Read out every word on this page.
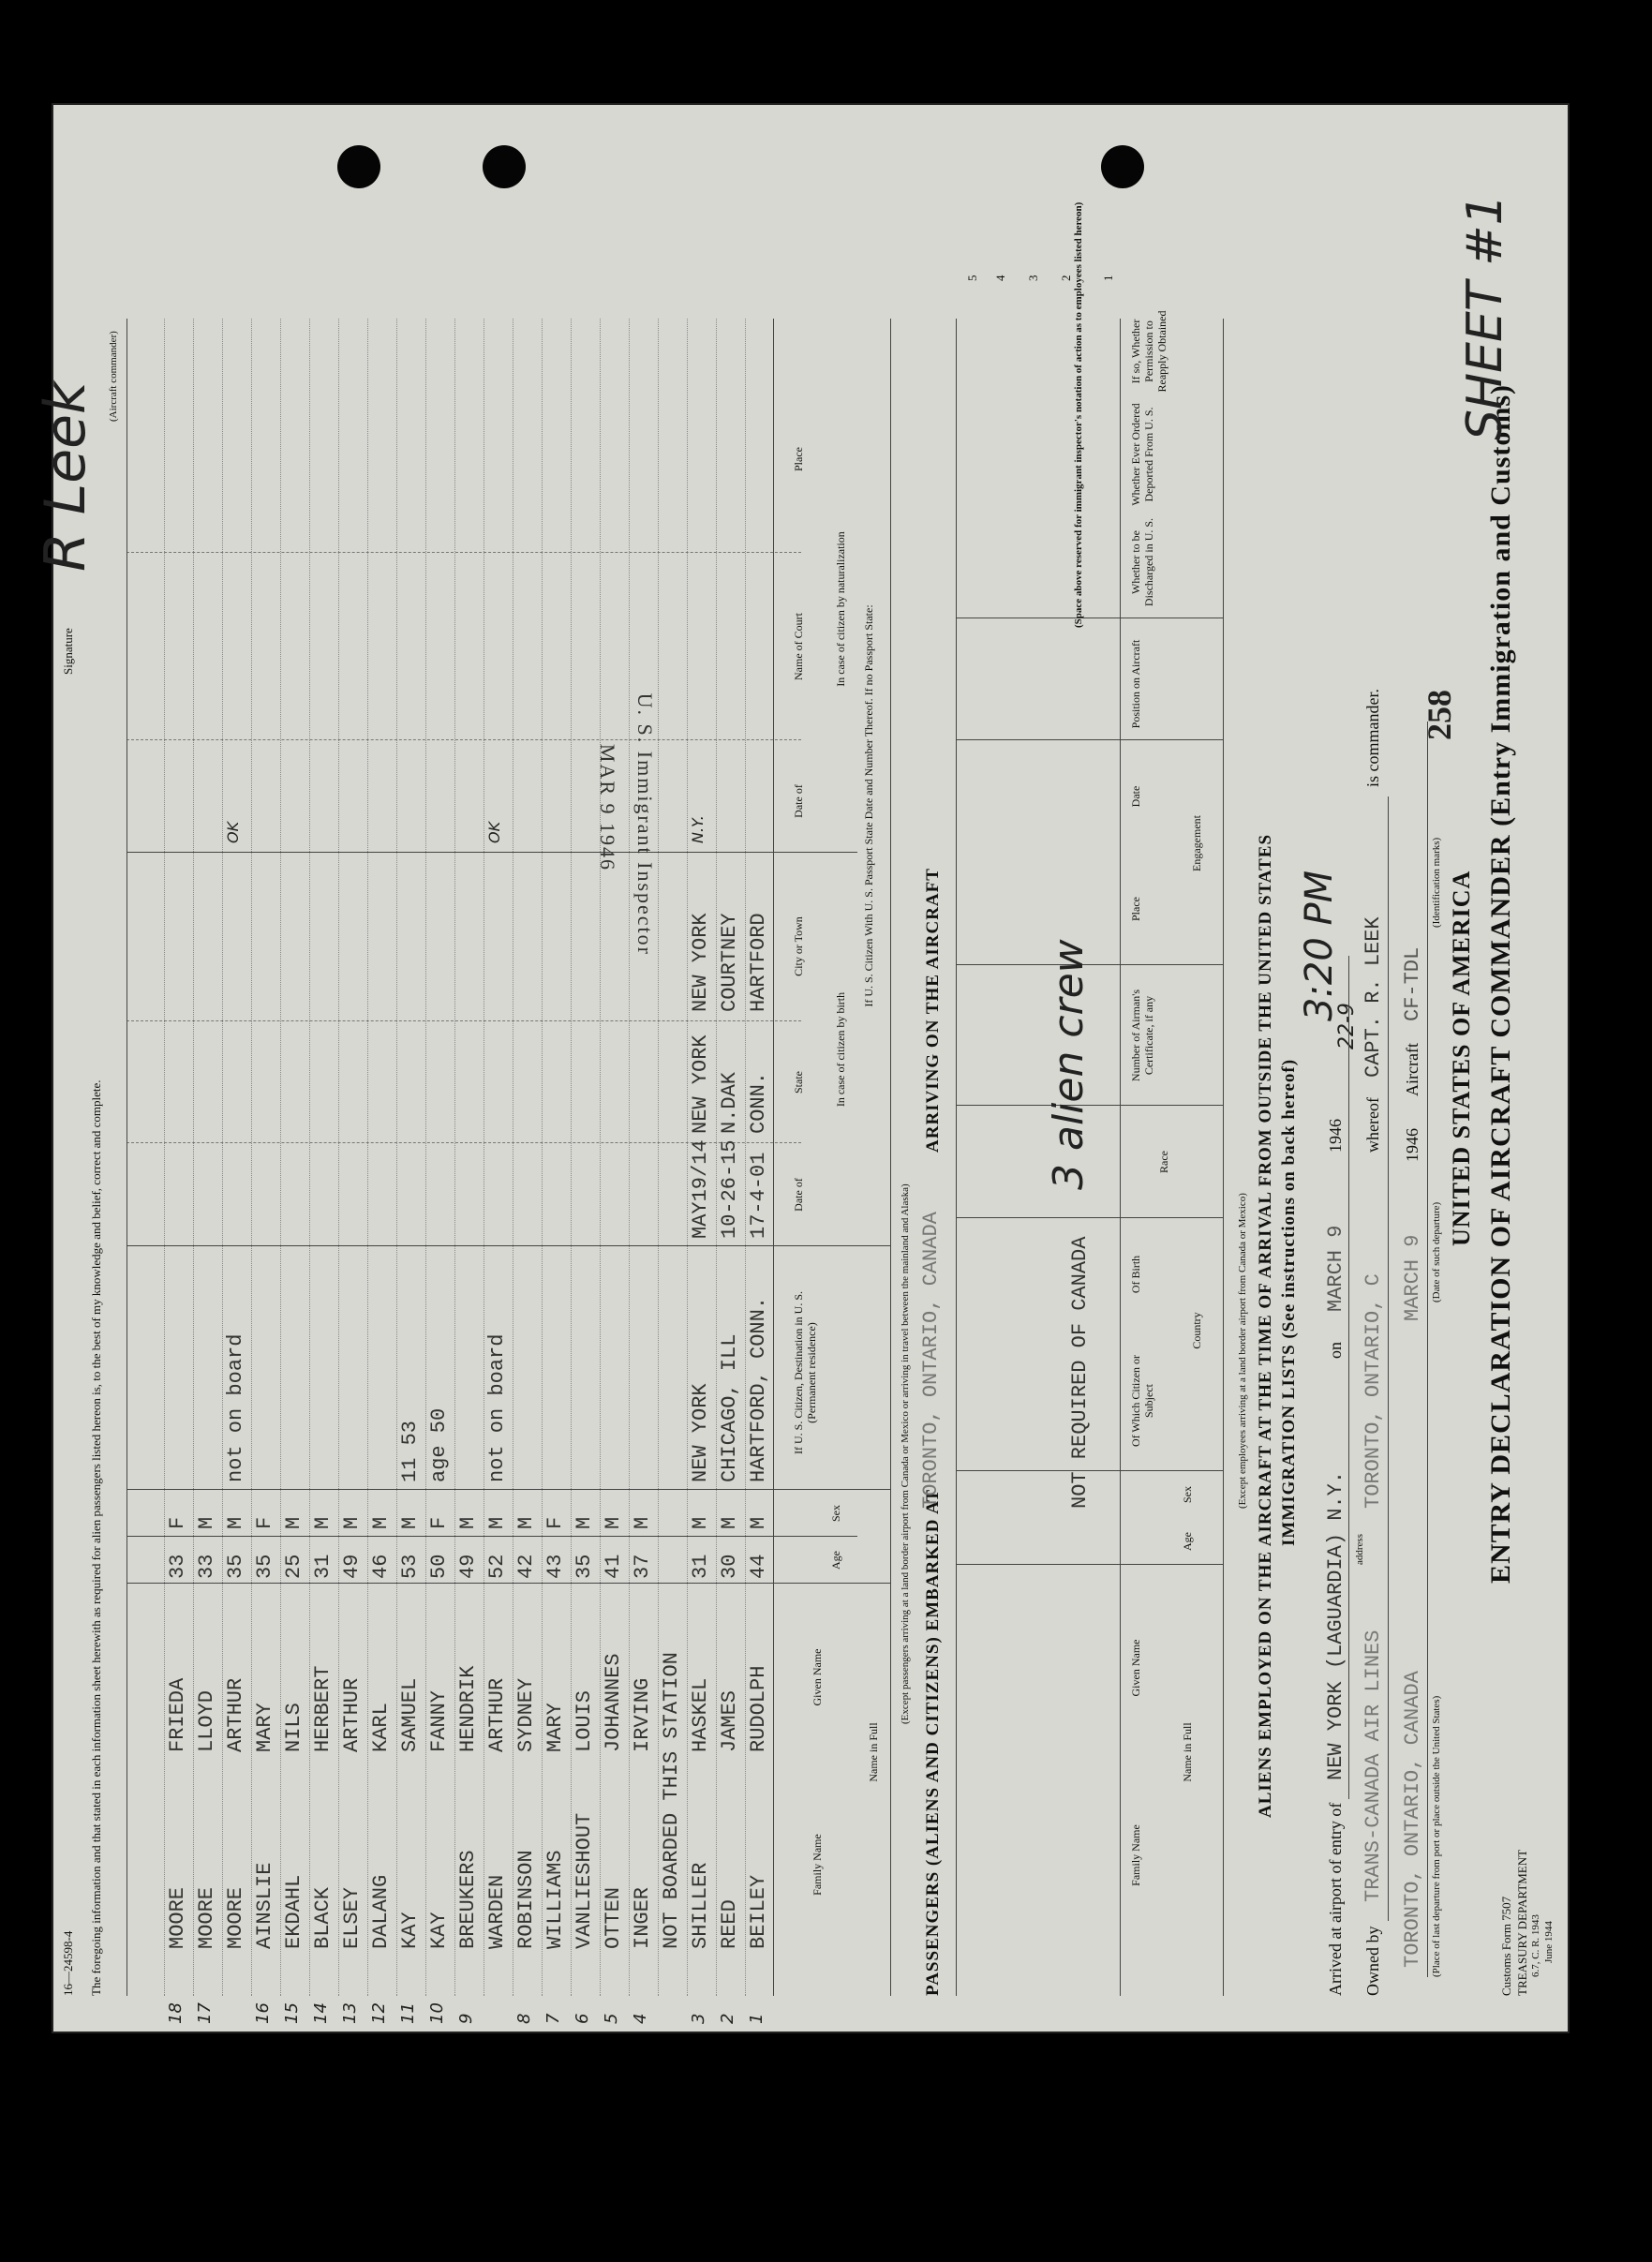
Customs Form 7507 TREASURY DEPARTMENT 6.7, C. R. 1943 June 1944
UNITED STATES OF AMERICA ENTRY DECLARATION OF AIRCRAFT COMMANDER (Entry Immigration and Customs)
258
SHEET #1
TORONTO, ONTARIO, CANADA (Place of last departure from port or place outside the United States)
MARCH 9 (Date of such departure)
1946
Aircraft
CF-TDL
(Identification marks)
Owned by
TRANS-CANADA AIR LINES
address
TORONTO, ONTARIO, C
whereof
CAPT. R. LEEK
is commander.
Arrived at airport of entry of
NEW YORK (LAGUARDIA) N.Y.
on
MARCH 9
1946
3:20 PM
22-9
IMMIGRATION LISTS (See instructions on back hereof)
ALIENS EMPLOYED ON THE AIRCRAFT AT THE TIME OF ARRIVAL FROM OUTSIDE THE UNITED STATES
(Except employees arriving at a land border airport from Canada or Mexico)
Name in Full
Family Name
Given Name
Age
Sex
Country
Of Which Citizen or Subject
Of Birth
Race
Number of Airman's Certificate, if any
Engagement
Place
Date
Position on Aircraft
Whether to be Discharged in U. S.
Whether Ever Ordered Deported From U. S.
If so, Whether Permission to Reapply Obtained
(Space above reserved for immigrant inspector's notation of action as to employees listed hereon)
NOT REQUIRED OF CANADA
3 alien crew
1
2
3
4
5
PASSENGERS (ALIENS AND CITIZENS) EMBARKED AT
TORONTO, ONTARIO, CANADA
ARRIVING ON THE AIRCRAFT
(Except passengers arriving at a land border airport from Canada or Mexico or arriving in travel between the mainland and Alaska)
Name in Full
Family Name
Given Name
Age
Sex
If U. S. Citizen, Destination in U. S. (Permanent residence)
If U. S. Citizen With U. S. Passport State Date and Number Thereof. If no Passport State:
In case of citizen by birth
In case of citizen by naturalization
Date of
State
City or Town
Date of
Name of Court
Place
1
BEILEY
RUDOLPH
44
M
HARTFORD, CONN.
17-4-01
CONN.
HARTFORD
2
REED
JAMES
30
M
CHICAGO, ILL
10-26-15
N.DAK
COURTNEY
3
SHILLER
HASKEL
31
M
NEW YORK
MAY19/14
NEW YORK
NEW YORK
N.Y.
NOT BOARDED THIS STATION
4
INGER
IRVING
37
M
5
OTTEN
JOHANNES
41
M
6
VANLIESHOUT
LOUIS
35
M
7
WILLIAMS
MARY
43
F
8
ROBINSON
SYDNEY
42
M
WARDEN
ARTHUR
52
M
not on board
OK
9
BREUKERS
HENDRIK
49
M
10
KAY
FANNY
50
F
age 50
11
KAY
SAMUEL
53
M
11 53
12
DALANG
KARL
46
M
13
ELSEY
ARTHUR
49
M
14
BLACK
HERBERT
31
M
15
EKDAHL
NILS
25
M
16
AINSLIE
MARY
35
F
MOORE
ARTHUR
35
M
not on board
OK
17
MOORE
LLOYD
33
M
18
MOORE
FRIEDA
33
F
U. S. Immigrant Inspector
MAR 9 1946
The foregoing information and that stated in each information sheet herewith as required for alien passengers listed hereon is, to the best of my knowledge and belief, correct and complete.
16—24598-4
Signature
R Leek
(Aircraft commander)
